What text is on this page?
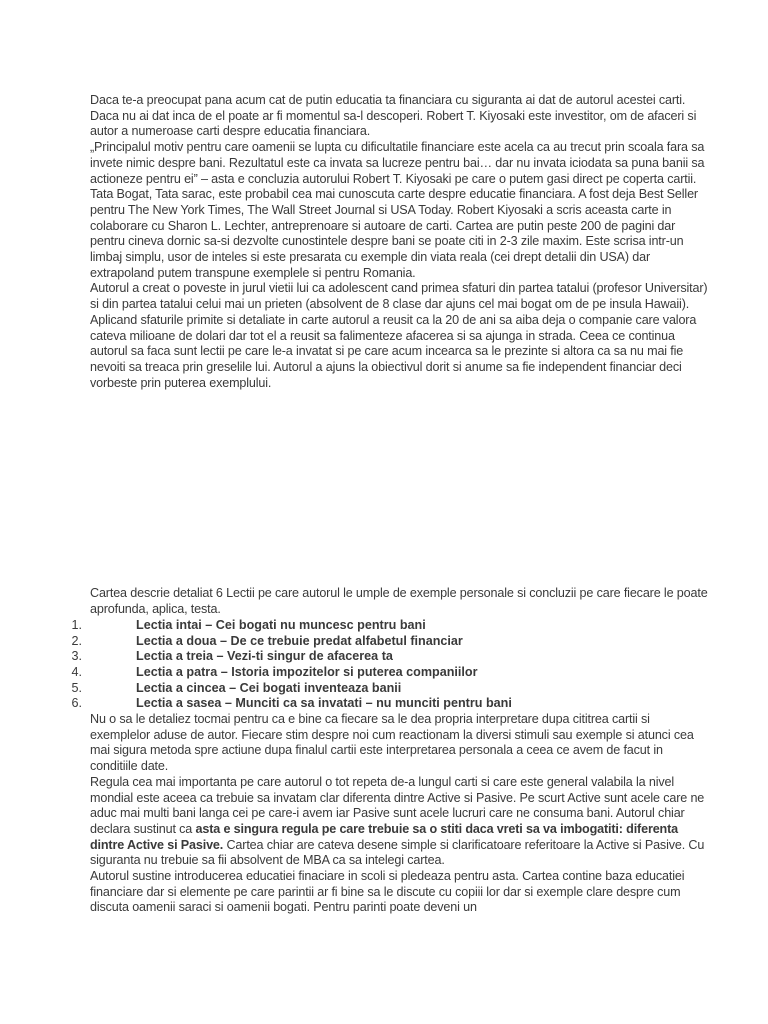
Daca te-a preocupat pana acum cat de putin educatia ta financiara cu siguranta ai dat de autorul acestei carti. Daca nu ai dat inca de el poate ar fi momentul sa-l descoperi. Robert T. Kiyosaki este investitor, om de afaceri si autor a numeroase carti despre educatia financiara.

„Principalul motiv pentru care oamenii se lupta cu dificultatile financiare este acela ca au trecut prin scoala fara sa invete nimic despre bani. Rezultatul este ca invata sa lucreze pentru bai… dar nu invata iciodata sa puna banii sa actioneze pentru ei” – asta e concluzia autorului Robert T. Kiyosaki pe care o putem gasi direct pe coperta cartii.

Tata Bogat, Tata sarac, este probabil cea mai cunoscuta carte despre educatie financiara. A fost deja Best Seller pentru The New York Times, The Wall Street Journal si USA Today. Robert Kiyosaki a scris aceasta carte in colaborare cu Sharon L. Lechter, antreprenoare si autoare de carti. Cartea are putin peste 200 de pagini dar pentru cineva dornic sa-si dezvolte cunostintele despre bani se poate citi in 2-3 zile maxim. Este scrisa intr-un limbaj simplu, usor de inteles si este presarata cu exemple din viata reala (cei drept detalii din USA) dar extrapoland putem transpune exemplele si pentru Romania.

Autorul a creat o poveste in jurul vietii lui ca adolescent cand primea sfaturi din partea tatalui (profesor Universitar) si din partea tatalui celui mai un prieten (absolvent de 8 clase dar ajuns cel mai bogat om de pe insula Hawaii). Aplicand sfaturile primite si detaliate in carte autorul a reusit ca la 20 de ani sa aiba deja o companie care valora cateva milioane de dolari dar tot el a reusit sa falimenteze afacerea si sa ajunga in strada. Ceea ce continua autorul sa faca sunt lectii pe care le-a invatat si pe care acum incearca sa le prezinte si altora ca sa nu mai fie nevoiti sa treaca prin greselile lui. Autorul a ajuns la obiectivul dorit si anume sa fie independent financiar deci vorbeste prin puterea exemplului.

Cartea descrie detaliat 6 Lectii pe care autorul le umple de exemple personale si concluzii pe care fiecare le poate aprofunda, aplica, testa.

1.	Lectia intai – Cei bogati nu muncesc pentru bani
2.	Lectia a doua – De ce trebuie predat alfabetul financiar
3.	Lectia a treia – Vezi-ti singur de afacerea ta
4.	Lectia a patra – Istoria impozitelor si puterea companiilor
5.	Lectia a cincea – Cei bogati inventeaza banii
6.	Lectia a sasea – Munciti ca sa invatati – nu munciti pentru bani

Nu o sa le detaliez tocmai pentru ca e bine ca fiecare sa le dea propria interpretare dupa cititrea cartii si exemplelor aduse de autor. Fiecare stim despre noi cum reactionam la diversi stimuli sau exemple si atunci cea mai sigura metoda spre actiune dupa finalul cartii este interpretarea personala a ceea ce avem de facut in conditiile date.

Regula cea mai importanta pe care autorul o tot repeta de-a lungul carti si care este general valabila la nivel mondial este aceea ca trebuie sa invatam clar diferenta dintre Active si Pasive. Pe scurt Active sunt acele care ne aduc mai multi bani langa cei pe care-i avem iar Pasive sunt acele lucruri care ne consuma bani. Autorul chiar declara sustinut ca asta e singura regula pe care trebuie sa o stiti daca vreti sa va imbogatiti: diferenta dintre Active si Pasive. Cartea chiar are cateva desene simple si clarificatoare referitoare la Active si Pasive. Cu siguranta nu trebuie sa fii absolvent de MBA ca sa intelegi cartea.

Autorul sustine introducerea educatiei finaciare in scoli si pledeaza pentru asta. Cartea contine baza educatiei financiare dar si elemente pe care parintii ar fi bine sa le discute cu copiii lor dar si exemple clare despre cum discuta oamenii saraci si oamenii bogati. Pentru parinti poate deveni un
